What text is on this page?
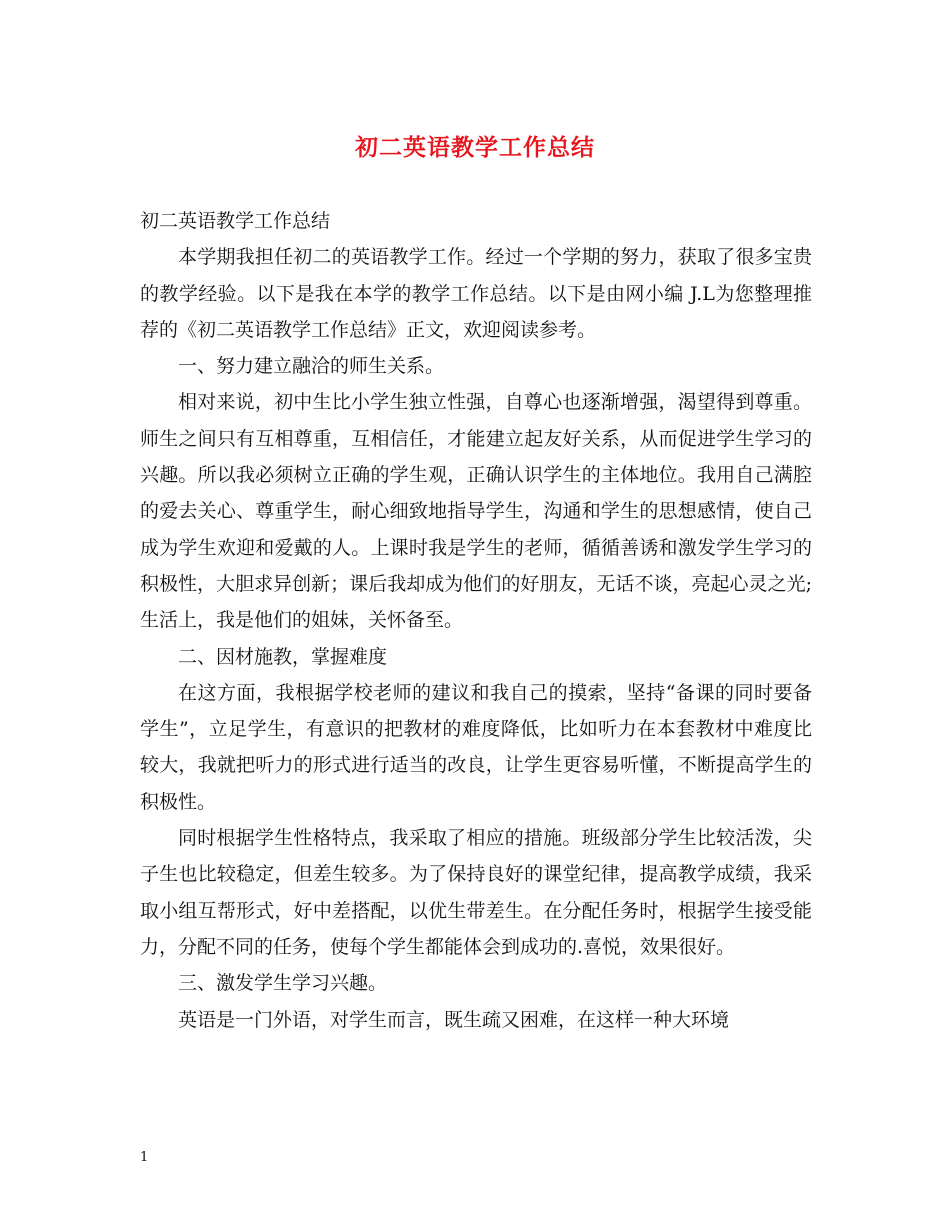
初二英语教学工作总结

初二英语教学工作总结

本学期我担任初二的英语教学工作。经过一个学期的努力，获取了很多宝贵的教学经验。以下是我在本学的教学工作总结。以下是由网小编 J.L为您整理推荐的《初二英语教学工作总结》正文，欢迎阅读参考。

一、努力建立融洽的师生关系。

相对来说，初中生比小学生独立性强，自尊心也逐渐增强，渴望得到尊重。师生之间只有互相尊重，互相信任，才能建立起友好关系，从而促进学生学习的兴趣。所以我必须树立正确的学生观，正确认识学生的主体地位。我用自己满腔的爱去关心、尊重学生，耐心细致地指导学生，沟通和学生的思想感情，使自己成为学生欢迎和爱戴的人。上课时我是学生的老师，循循善诱和激发学生学习的积极性，大胆求异创新；课后我却成为他们的好朋友，无话不谈，亮起心灵之光;生活上，我是他们的姐妹，关怀备至。

二、因材施教，掌握难度

在这方面，我根据学校老师的建议和我自己的摸索，坚持“备课的同时要备学生”，立足学生，有意识的把教材的难度降低，比如听力在本套教材中难度比较大，我就把听力的形式进行适当的改良，让学生更容易听懂，不断提高学生的积极性。

同时根据学生性格特点，我采取了相应的措施。班级部分学生比较活泼，尖子生也比较稳定，但差生较多。为了保持良好的课堂纪律，提高教学成绩，我采取小组互帮形式，好中差搭配，以优生带差生。在分配任务时，根据学生接受能力，分配不同的任务，使每个学生都能体会到成功的.喜悦，效果很好。

三、激发学生学习兴趣。

英语是一门外语，对学生而言，既生疏又困难，在这样一种大环境

1
